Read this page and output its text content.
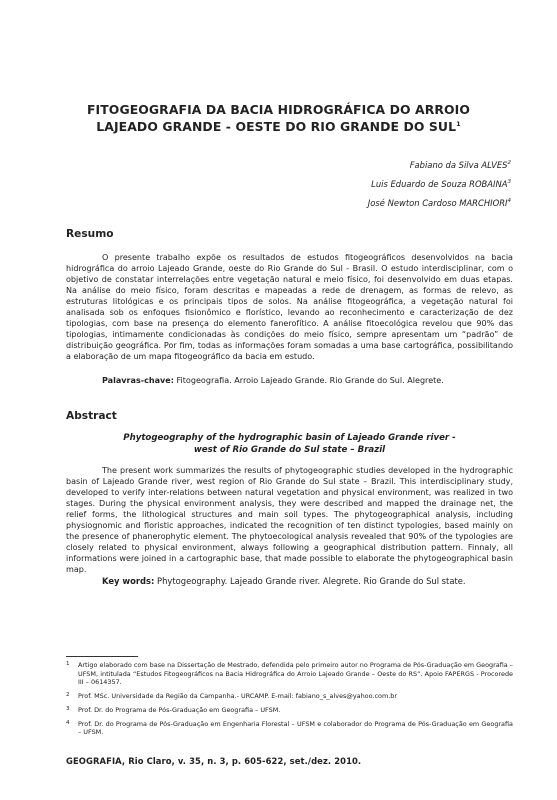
FITOGEOGRAFIA DA BACIA HIDROGRÁFICA DO ARROIO
LAJEADO GRANDE - OESTE DO RIO GRANDE DO SUL$^1$
Fabiano da Silva ALVES$^2$
Luis Eduardo de Souza ROBAINA$^3$
José Newton Cardoso MARCHIORI$^4$
Resumo

O presente trabalho expõe os resultados de estudos fitogeográficos desenvolvidos na bacia hidrográfica do arroio Lajeado Grande, oeste do Rio Grande do Sul - Brasil. O estudo interdisciplinar, com o objetivo de constatar interrelações entre vegetação natural e meio físico, foi desenvolvido em duas etapas. Na análise do meio físico, foram descritas e mapeadas a rede de drenagem, as formas de relevo, as estruturas litológicas e os principais tipos de solos. Na análise fitogeográfica, a vegetação natural foi analisada sob os enfoques fisionômico e florístico, levando ao reconhecimento e caracterização de dez tipologias, com base na presença do elemento fanerofítico. A análise fitoecológica revelou que 90% das tipologias, intimamente condicionadas às condições do meio físico, sempre apresentam um “padrão” de distribuição geográfica. Por fim, todas as informações foram somadas a uma base cartográfica, possibilitando a elaboração de um mapa fitogeográfico da bacia em estudo.

Palavras-chave: Fitogeografia. Arroio Lajeado Grande. Rio Grande do Sul. Alegrete.

Abstract

Phytogeography of the hydrographic basin of Lajeado Grande river -
west of Rio Grande do Sul state – Brazil

The present work summarizes the results of phytogeographic studies developed in the hydrographic basin of Lajeado Grande river, west region of Rio Grande do Sul state – Brazil. This interdisciplinary study, developed to verify inter-relations between natural vegetation and physical environment, was realized in two stages. During the physical environment analysis, they were described and mapped the drainage net, the relief forms, the lithological structures and main soil types. The phytogeographical analysis, including physiognomic and floristic approaches, indicated the recognition of ten distinct typologies, based mainly on the presence of phanerophytic element. The phytoecological analysis revealed that 90% of the typologies are closely related to physical environment, always following a geographical distribution pattern. Finnaly, all informations were joined in a cartographic base, that made possible to elaborate the phytogeographical basin map.

Key words: Phytogeography. Lajeado Grande river. Alegrete. Rio Grande do Sul state.

1 Artigo elaborado com base na Dissertação de Mestrado, defendida pelo primeiro autor no Programa de Pós-Graduação em Geografia – UFSM, intitulada “Estudos Fitogeográficos na Bacia Hidrográfica do Arroio Lajeado Grande – Oeste do RS”. Apoio FAPERGS - Procorede III – 0614357.

2 Prof. MSc. Universidade da Região da Campanha.- URCAMP. E-mail: fabiano_s_alves@yahoo.com.br

3 Prof. Dr. do Programa de Pós-Graduação em Geografia – UFSM.

4 Prof. Dr. do Programa de Pós-Graduação em Engenharia Florestal – UFSM e colaborador do Programa de Pós-Graduação em Geografia – UFSM.

GEOGRAFIA, Rio Claro, v. 35, n. 3, p. 605-622, set./dez. 2010.
